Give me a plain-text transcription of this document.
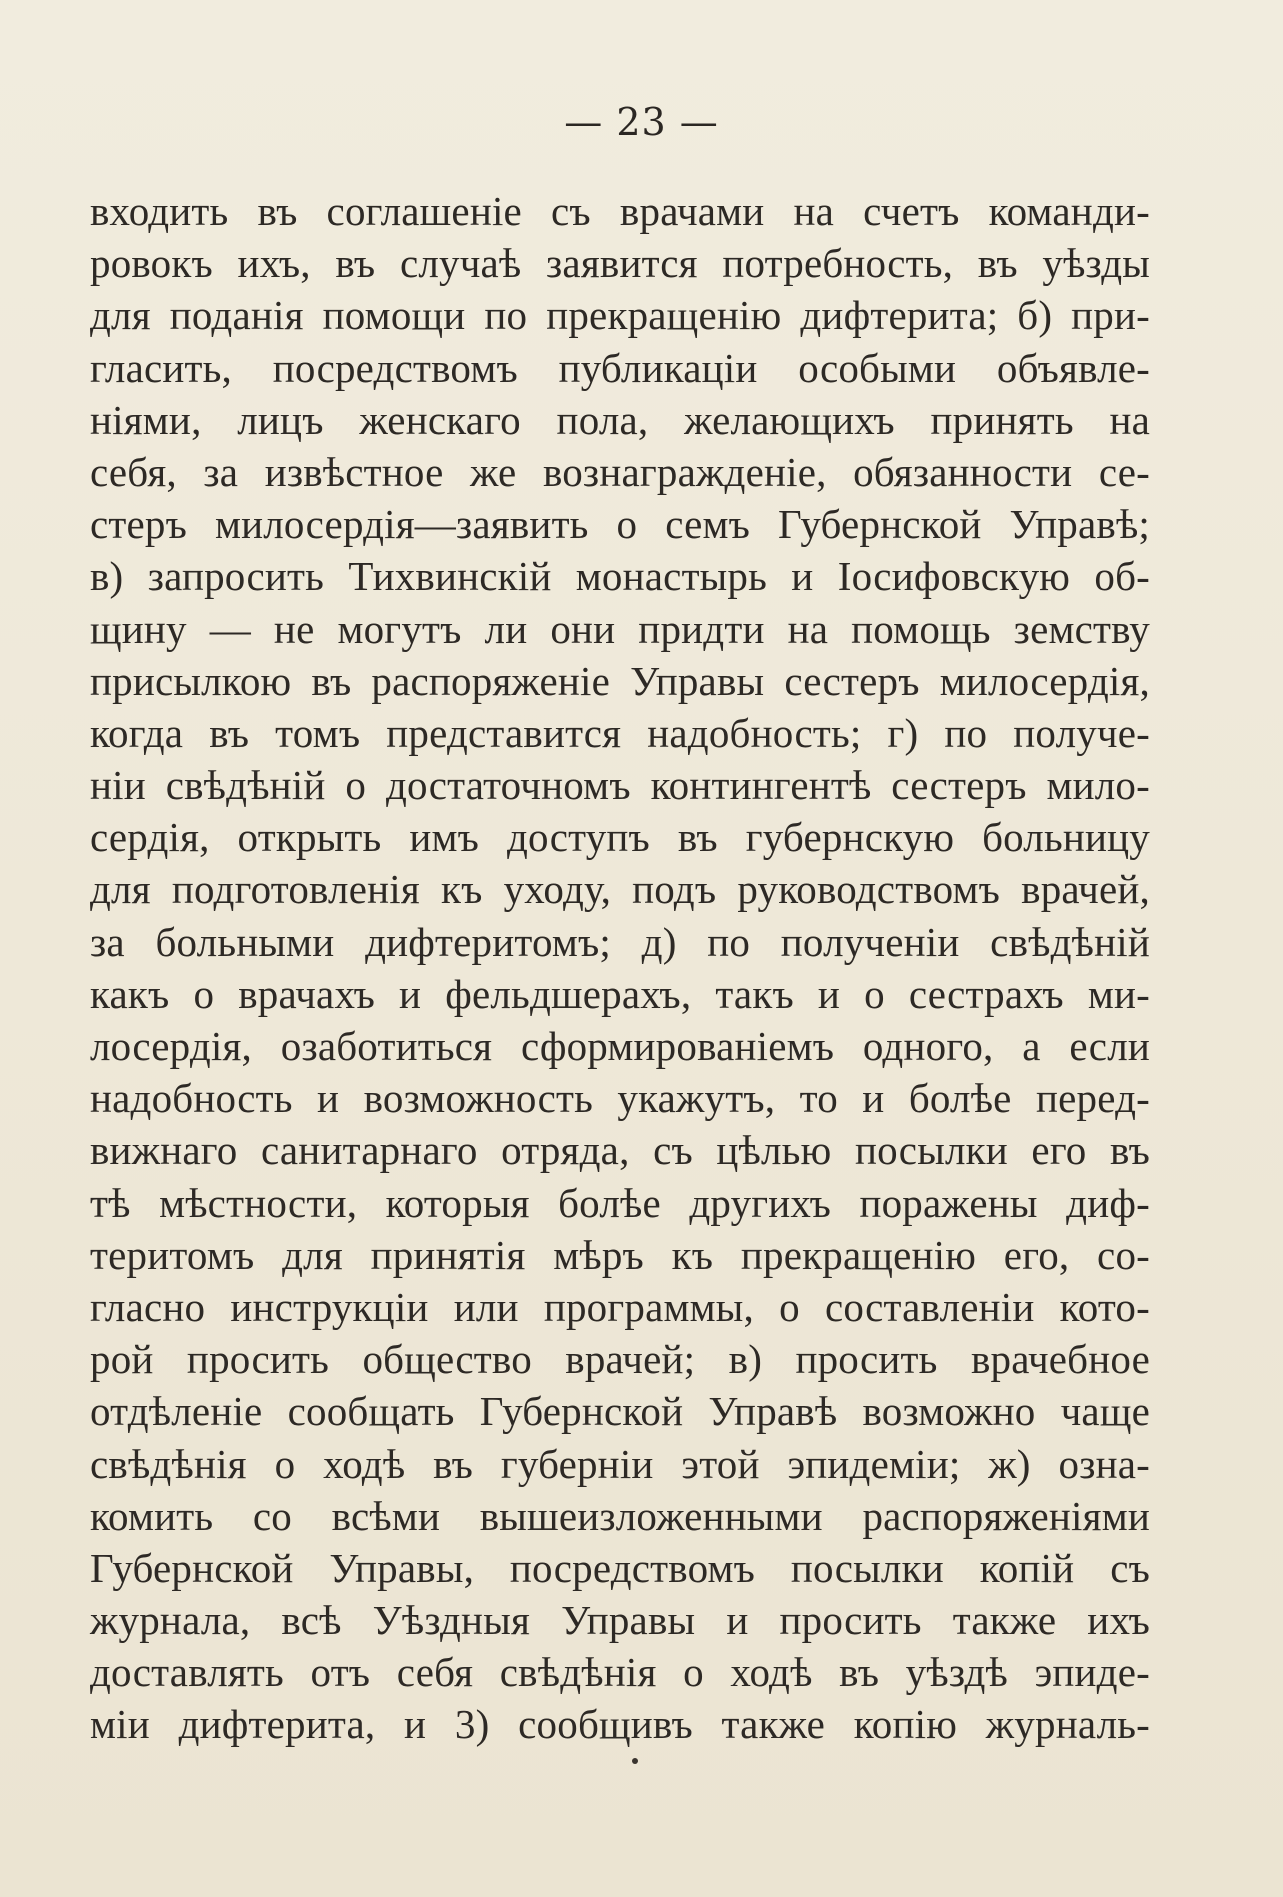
— 23 —
входить въ соглашеніе съ врачами на счетъ команди-
ровокъ ихъ, въ случаѣ заявится потребность, въ уѣзды
для поданія помощи по прекращенію дифтерита; б) при-
гласить, посредствомъ публикаціи особыми объявле-
ніями, лицъ женскаго пола, желающихъ принять на
себя, за извѣстное же вознагражденіе, обязанности се-
стеръ милосердія—заявить о семъ Губернской Управѣ;
в) запросить Тихвинскій монастырь и Іосифовскую об-
щину — не могутъ ли они придти на помощь земству
присылкою въ распоряженіе Управы сестеръ милосердія,
когда въ томъ представится надобность; г) по получе-
ніи свѣдѣній о достаточномъ контингентѣ сестеръ мило-
сердія, открыть имъ доступъ въ губернскую больницу
для подготовленія къ уходу, подъ руководствомъ врачей,
за больными дифтеритомъ; д) по полученіи свѣдѣній
какъ о врачахъ и фельдшерахъ, такъ и о сестрахъ ми-
лосердія, озаботиться сформированіемъ одного, а если
надобность и возможность укажутъ, то и болѣе перед-
вижнаго санитарнаго отряда, съ цѣлью посылки его въ
тѣ мѣстности, которыя болѣе другихъ поражены диф-
теритомъ для принятія мѣръ къ прекращенію его, со-
гласно инструкціи или программы, о составленіи кото-
рой просить общество врачей; в) просить врачебное
отдѣленіе сообщать Губернской Управѣ возможно чаще
свѣдѣнія о ходѣ въ губерніи этой эпидеміи; ж) озна-
комить со всѣми вышеизложенными распоряженіями
Губернской Управы, посредствомъ посылки копій съ
журнала, всѣ Уѣздныя Управы и просить также ихъ
доставлять отъ себя свѣдѣнія о ходѣ въ уѣздѣ эпиде-
міи дифтерита, и 3) сообщивъ также копію журналь-
